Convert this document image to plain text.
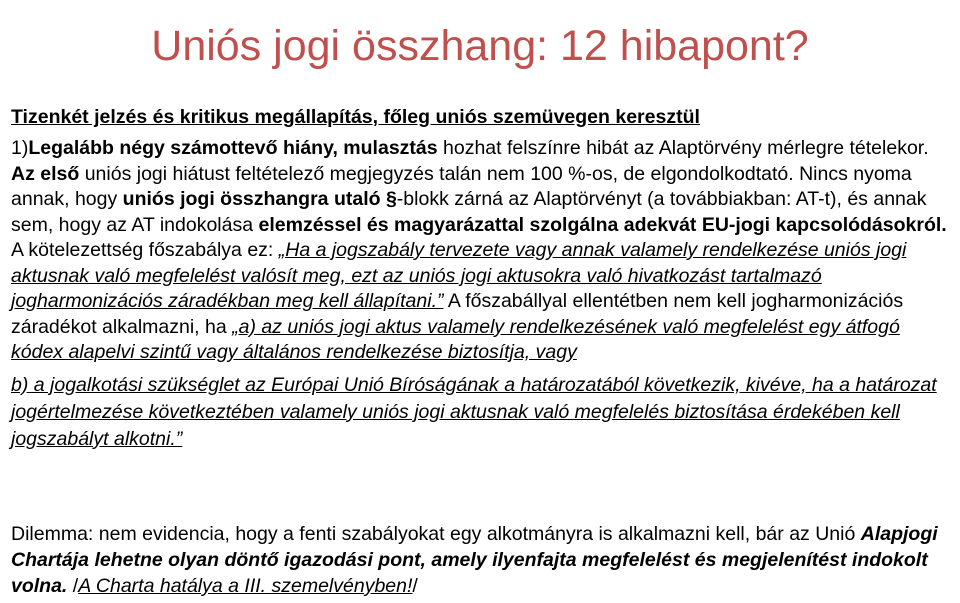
Uniós jogi összhang: 12 hibapont?
Tizenkét jelzés és kritikus megállapítás, főleg uniós szemüvegen keresztül

1)Legalább négy számottevő hiány, mulasztás hozhat felszínre hibát az Alaptörvény mérlegre tételekor. Az első uniós jogi hiátust feltételező megjegyzés talán nem 100 %-os, de elgondolkodtató. Nincs nyoma annak, hogy uniós jogi összhangra utaló §-blokk zárná az Alaptörvényt (a továbbiakban: AT-t), és annak sem, hogy az AT indokolása elemzéssel és magyarázattal szolgálna adekvát EU-jogi kapcsolódásokról. A kötelezettség főszabálya ez: „Ha a jogszabály tervezete vagy annak valamely rendelkezése uniós jogi aktusnak való megfelelést valósít meg, ezt az uniós jogi aktusokra való hivatkozást tartalmazó jogharmonizációs záradékban meg kell állapítani.” A főszabállyal ellentétben nem kell jogharmonizációs záradékot alkalmazni, ha „a) az uniós jogi aktus valamely rendelkezésének való megfelelést egy átfogó kódex alapelvi szintű vagy általános rendelkezése biztosítja, vagy

b) a jogalkotási szükséglet az Európai Unió Bíróságának a határozatából következik, kivéve, ha a határozat jogértelmezése következtében valamely uniós jogi aktusnak való megfelelés biztosítása érdekében kell jogszabályt alkotni.”

Dilemma: nem evidencia, hogy a fenti szabályokat egy alkotmányra is alkalmazni kell, bár az Unió Alapjogi Chartája lehetne olyan döntő igazodási pont, amely ilyenfajta megfelelést és megjelenítést indokolt volna. /A Charta hatálya a III. szemelvényben!/
